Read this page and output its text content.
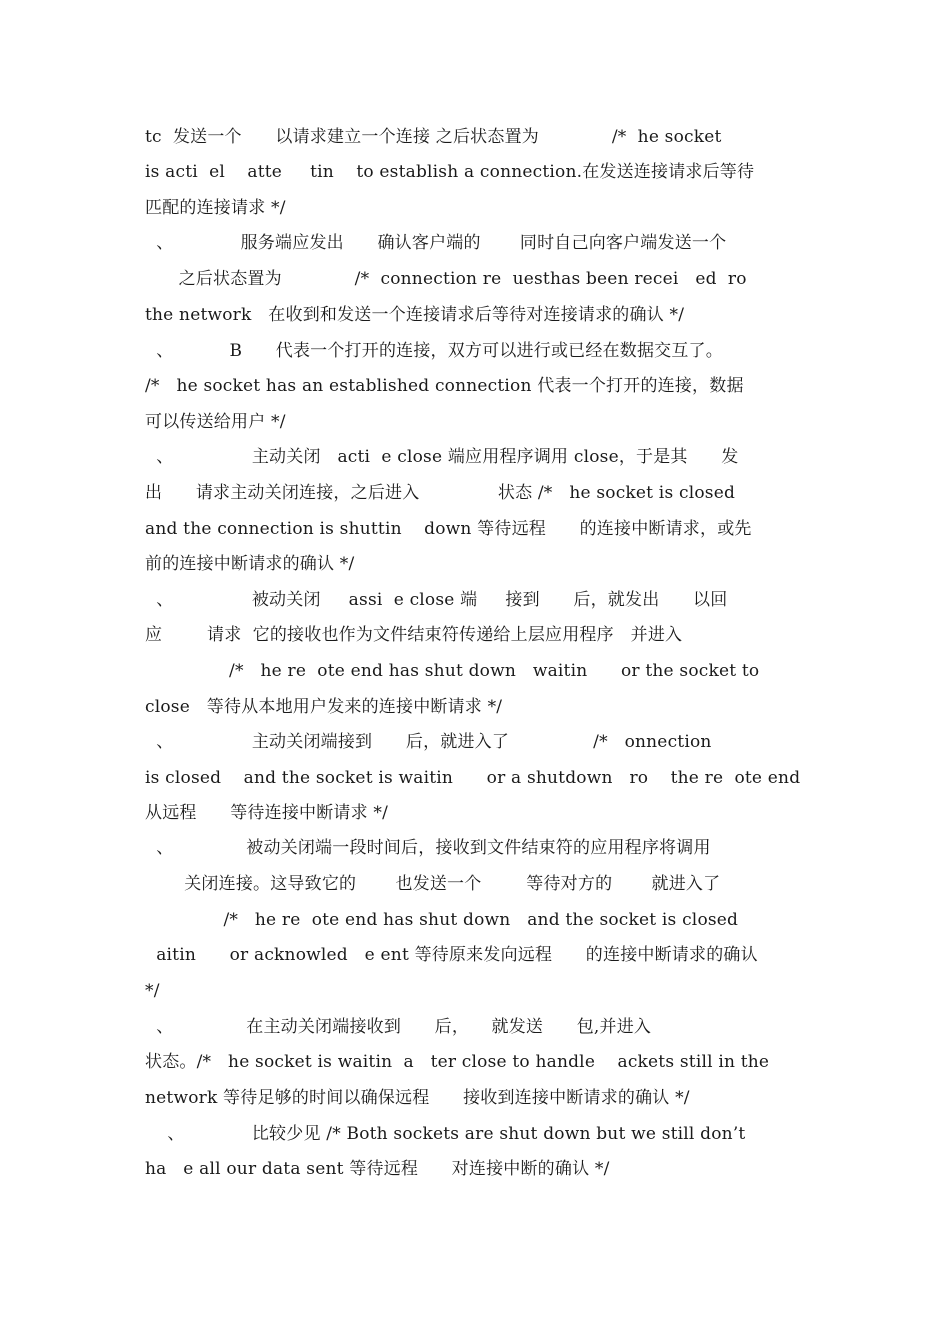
tc  发送一个      以请求建立一个连接 之后状态置为             /*  he socket
is acti  el    atte     tin    to establish a connection.在发送连接请求后等待
匹配的连接请求 */
、            服务端应发出      确认客户端的       同时自己向客户端发送一个
之后状态置为             /*  connection re  uesthas been recei   ed  ro
the network   在收到和发送一个连接请求后等待对连接请求的确认 */
、          B      代表一个打开的连接，双方可以进行或已经在数据交互了。
/*   he socket has an established connection 代表一个打开的连接，数据
可以传送给用户 */
、              主动关闭   acti  e close 端应用程序调用 close，于是其      发
出      请求主动关闭连接，之后进入              状态 /*   he socket is closed
and the connection is shuttin    down 等待远程      的连接中断请求，或先
前的连接中断请求的确认 */
、              被动关闭     assi  e close 端     接到      后，就发出      以回
应        请求  它的接收也作为文件结束符传递给上层应用程序   并进入
/*   he re  ote end has shut down   waitin      or the socket to
close   等待从本地用户发来的连接中断请求 */
、              主动关闭端接到      后，就进入了               /*   onnection
is closed    and the socket is waitin      or a shutdown   ro    the re  ote end
从远程      等待连接中断请求 */
、             被动关闭端一段时间后，接收到文件结束符的应用程序将调用
关闭连接。这导致它的       也发送一个        等待对方的       就进入了
/*   he re  ote end has shut down   and the socket is closed
aitin      or acknowled   e ent 等待原来发向远程      的连接中断请求的确认
*/
、             在主动关闭端接收到      后，    就发送      包,并进入
状态。/*   he socket is waitin  a   ter close to handle    ackets still in the
network 等待足够的时间以确保远程      接收到连接中断请求的确认 */
、            比较少见 /* Both sockets are shut down but we still don’t
ha   e all our data sent 等待远程      对连接中断的确认 */
